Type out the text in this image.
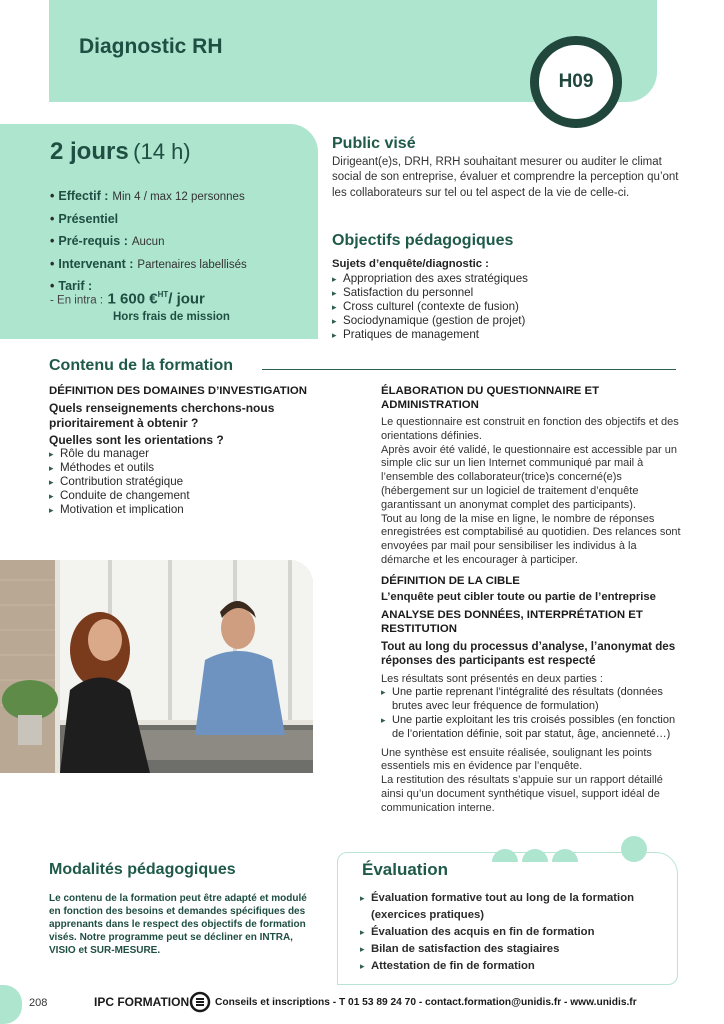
Diagnostic RH
H09
2 jours (14 h)
• Effectif : Min 4 / max 12 personnes
• Présentiel
• Pré-requis : Aucun
• Intervenant : Partenaires labellisés
• Tarif :
- En intra : 1 600 €$^{HT}$/ jour
Hors frais de mission
Public visé
Dirigeant(e)s, DRH, RRH souhaitant mesurer ou auditer le climat social de son entreprise, évaluer et comprendre la perception qu’ont les collaborateurs sur tel ou tel aspect de la vie de celle-ci.
Objectifs pédagogiques
Sujets d’enquête/diagnostic :
▸ Appropriation des axes stratégiques
▸ Satisfaction du personnel
▸ Cross culturel (contexte de fusion)
▸ Sociodynamique (gestion de projet)
▸ Pratiques de management
Contenu de la formation
DÉFINITION DES DOMAINES D’INVESTIGATION
Quels renseignements cherchons-nous prioritairement à obtenir ?
Quelles sont les orientations ?
▸ Rôle du manager
▸ Méthodes et outils
▸ Contribution stratégique
▸ Conduite de changement
▸ Motivation et implication
ÉLABORATION DU QUESTIONNAIRE ET ADMINISTRATION
Le questionnaire est construit en fonction des objectifs et des orientations définies.
Après avoir été validé, le questionnaire est accessible par un simple clic sur un lien Internet communiqué par mail à l’ensemble des collaborateur(trice)s concerné(e)s (hébergement sur un logiciel de traitement d’enquête garantissant un anonymat complet des participants).
Tout au long de la mise en ligne, le nombre de réponses enregistrées est comptabilisé au quotidien. Des relances sont envoyées par mail pour sensibiliser les individus à la démarche et les encourager à participer.
DÉFINITION DE LA CIBLE
L’enquête peut cibler toute ou partie de l’entreprise
ANALYSE DES DONNÉES, INTERPRÉTATION ET RESTITUTION
Tout au long du processus d’analyse, l’anonymat des réponses des participants est respecté
Les résultats sont présentés en deux parties :
▸ Une partie reprenant l’intégralité des résultats (données brutes avec leur fréquence de formulation)
▸ Une partie exploitant les tris croisés possibles (en fonction de l’orientation définie, soit par statut, âge, ancienneté…)
Une synthèse est ensuite réalisée, soulignant les points essentiels mis en évidence par l’enquête.
La restitution des résultats s’appuie sur un rapport détaillé ainsi qu’un document synthétique visuel, support idéal de communication interne.
Modalités pédagogiques
Le contenu de la formation peut être adapté et modulé en fonction des besoins et demandes spécifiques des apprenants dans le respect des objectifs de formation visés. Notre programme peut se décliner en INTRA, VISIO et SUR-MESURE.
Évaluation
▸ Évaluation formative tout au long de la formation (exercices pratiques)
▸ Évaluation des acquis en fin de formation
▸ Bilan de satisfaction des stagiaires
▸ Attestation de fin de formation
208	IPC FORMATION	Conseils et inscriptions - T 01 53 89 24 70 - contact.formation@unidis.fr - www.unidis.fr
